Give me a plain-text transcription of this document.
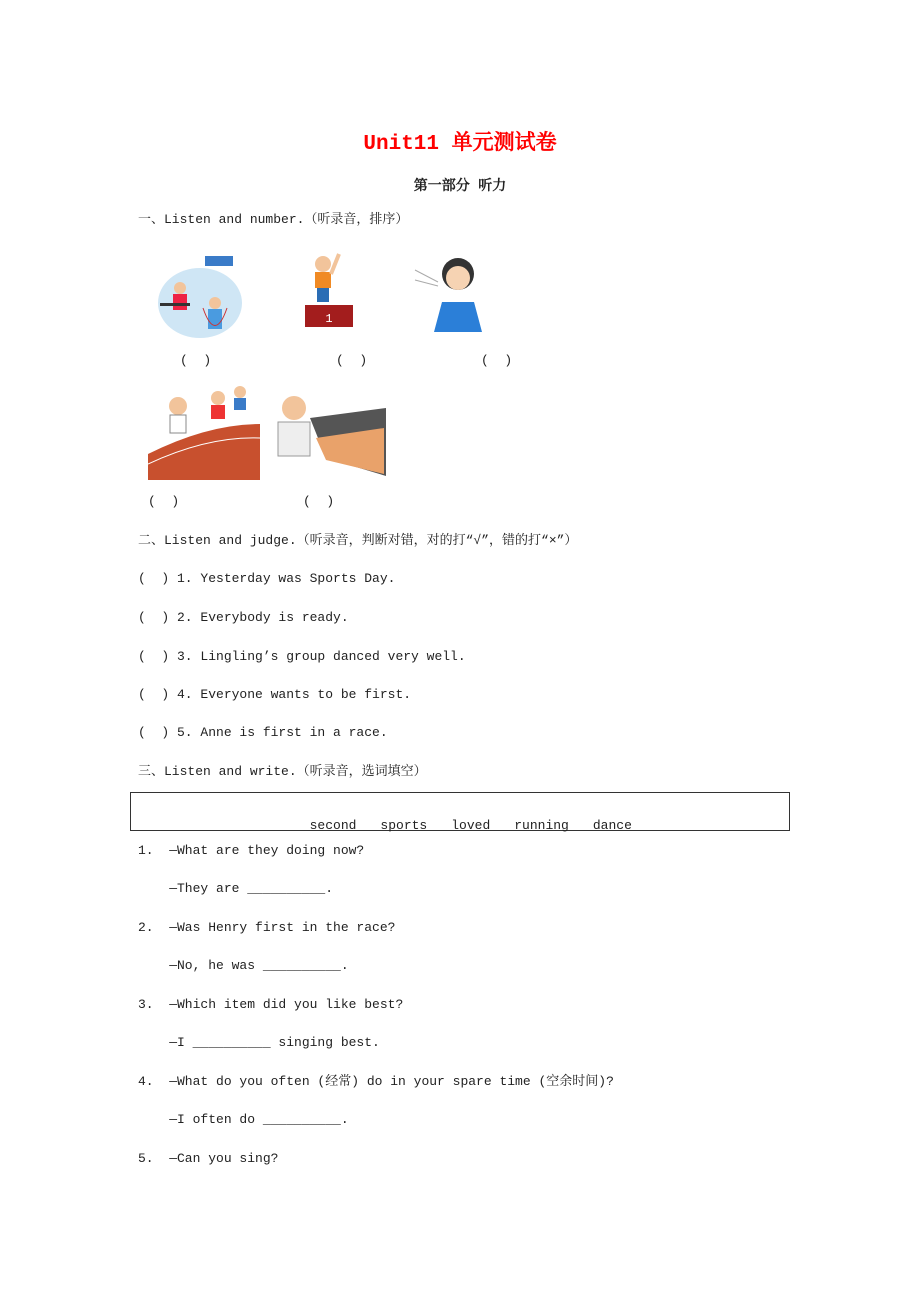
Unit11 单元测试卷
第一部分 听力
一、Listen and number.（听录音，排序）
1
(  )	(  )	(  )
(  )	(  )
二、Listen and judge.（听录音，判断对错，对的打“√”，错的打“×”）
(  ) 1. Yesterday was Sports Day.
(  ) 2. Everybody is ready.
(  ) 3. Lingling’s group danced very well.
(  ) 4. Everyone wants to be first.
(  ) 5. Anne is first in a race.
三、Listen and write.（听录音，选词填空）

second sports loved running dance

1.  —What are they doing now?
—They are __________.
2.  —Was Henry first in the race?
—No, he was __________.
3.  —Which item did you like best?
—I __________ singing best.
4.  —What do you often (经常) do in your spare time (空余时间)?
—I often do __________.
5.  —Can you sing?
